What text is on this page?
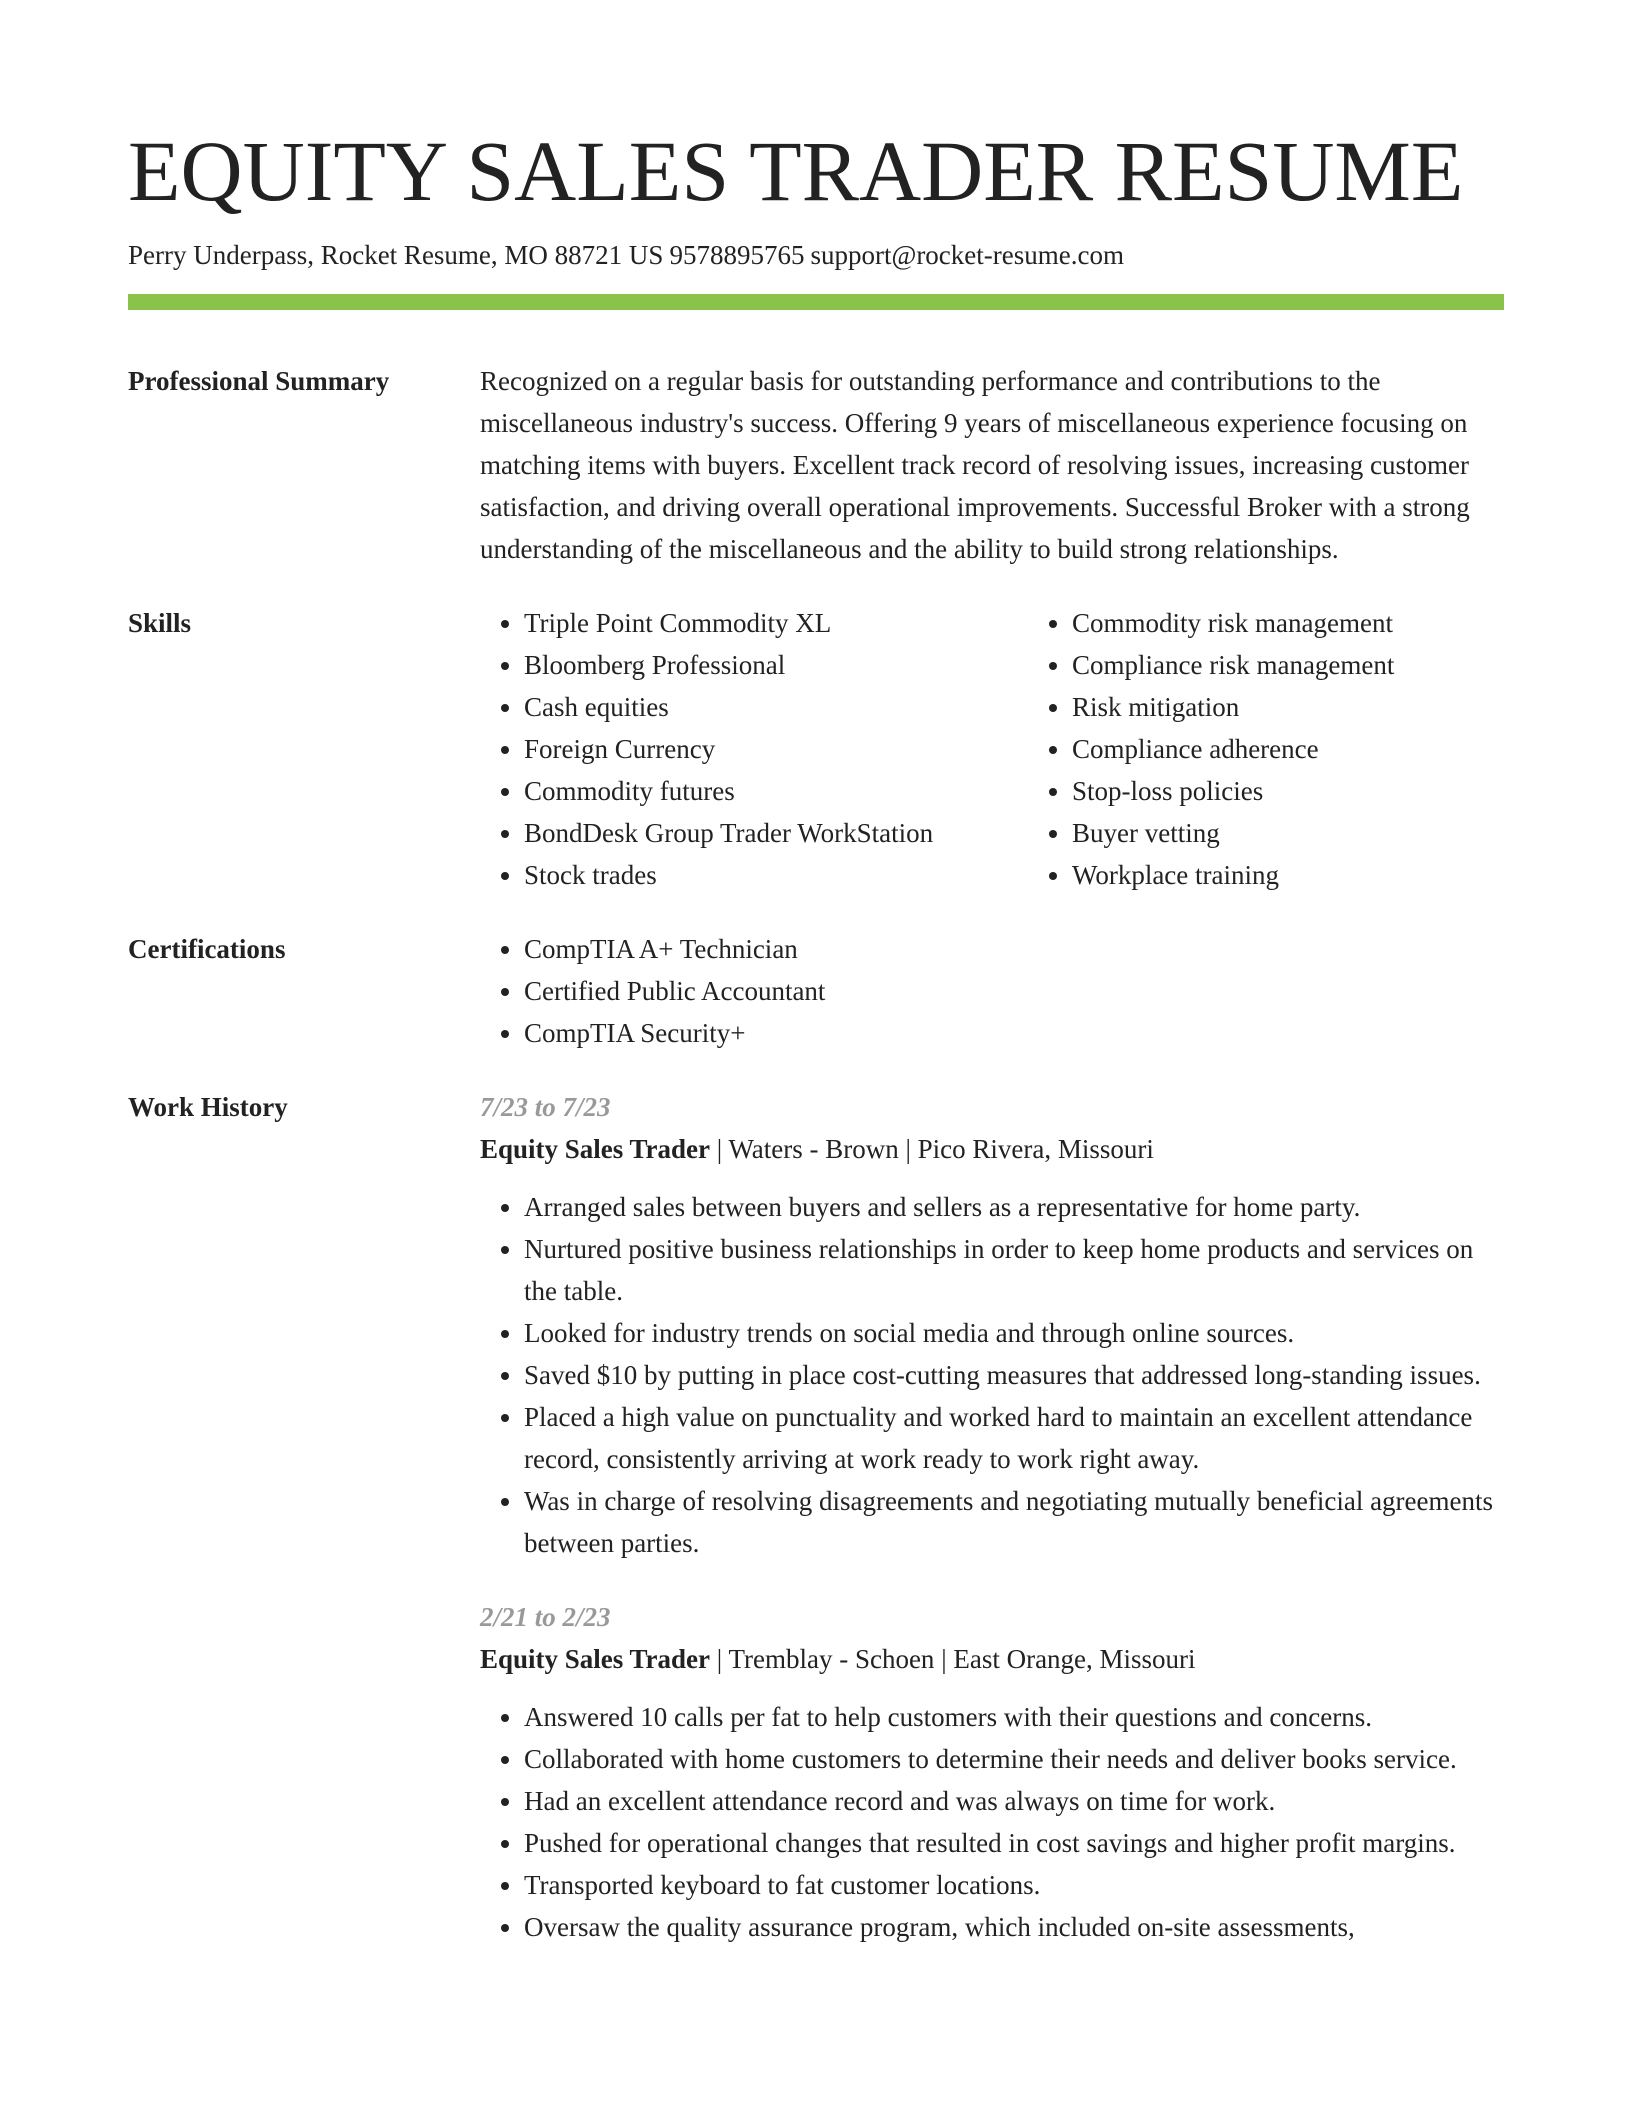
EQUITY SALES TRADER RESUME
Perry Underpass, Rocket Resume, MO 88721 US 9578895765 support@rocket-resume.com
Professional Summary	Recognized on a regular basis for outstanding performance and contributions to the miscellaneous industry's success. Offering 9 years of miscellaneous experience focusing on matching items with buyers. Excellent track record of resolving issues, increasing customer satisfaction, and driving overall operational improvements. Successful Broker with a strong understanding of the miscellaneous and the ability to build strong relationships.
Skills	• Triple Point Commodity XL
• Bloomberg Professional
• Cash equities
• Foreign Currency
• Commodity futures
• BondDesk Group Trader WorkStation
• Stock trades
• Commodity risk management
• Compliance risk management
• Risk mitigation
• Compliance adherence
• Stop-loss policies
• Buyer vetting
• Workplace training
Certifications	• CompTIA A+ Technician
• Certified Public Accountant
• CompTIA Security+
Work History	7/23 to 7/23
Equity Sales Trader | Waters - Brown | Pico Rivera, Missouri
• Arranged sales between buyers and sellers as a representative for home party.
• Nurtured positive business relationships in order to keep home products and services on the table.
• Looked for industry trends on social media and through online sources.
• Saved $10 by putting in place cost-cutting measures that addressed long-standing issues.
• Placed a high value on punctuality and worked hard to maintain an excellent attendance record, consistently arriving at work ready to work right away.
• Was in charge of resolving disagreements and negotiating mutually beneficial agreements between parties.
2/21 to 2/23
Equity Sales Trader | Tremblay - Schoen | East Orange, Missouri
• Answered 10 calls per fat to help customers with their questions and concerns.
• Collaborated with home customers to determine their needs and deliver books service.
• Had an excellent attendance record and was always on time for work.
• Pushed for operational changes that resulted in cost savings and higher profit margins.
• Transported keyboard to fat customer locations.
• Oversaw the quality assurance program, which included on-site assessments,
